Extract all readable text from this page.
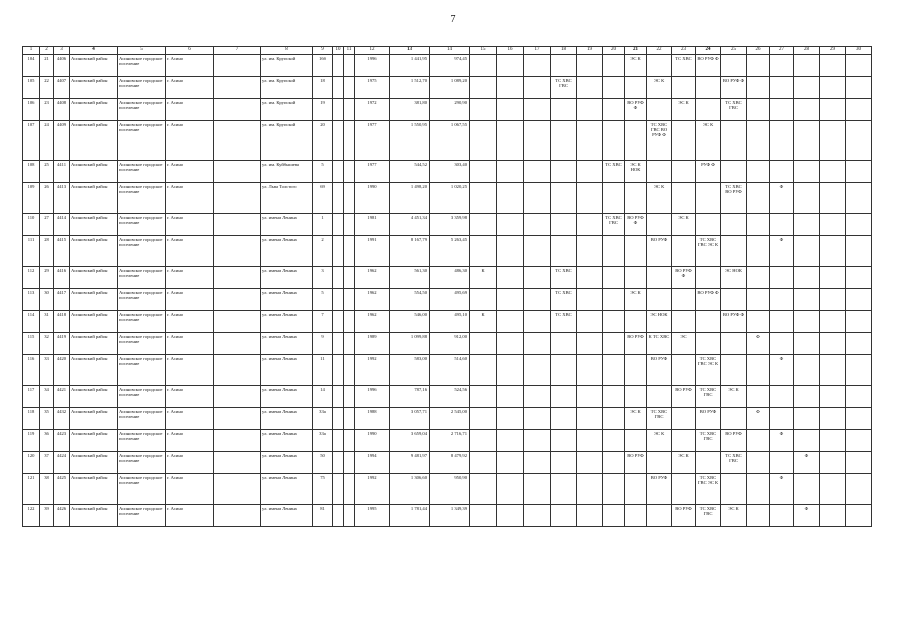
7
1	2	3	4	5	6	7	8	9	10	11	12	13	14	15	16	17	18	19	20	21	22	23	24	25	26	27	28	29	30
104	21	4406	Асиновский район	Асиновское городское поселение	г. Асино		ул. им. Крупской	16б			1996	1 441,95	974,45							ЭС К		ТС ХВС	ВО РУФ Ф						
105	22	4407	Асиновский район	Асиновское городское поселение	г. Асино		ул. им. Крупской	18			1975	1 512,70	1 089,20				ТС ХВС ГВС				ЭС К			ВО РУФ Ф					
106	23	4408	Асиновский район	Асиновское городское поселение	г. Асино		ул. им. Крупской	19			1972	381,80	290,90							ВО РУФ Ф		ЭС К		ТС ХВС ГВС					
107	24	4409	Асиновский район	Асиновское городское поселение	г. Асино		ул. им. Крупской	20			1977	1 550,95	1 067,55								ТС ХВС ГВС ВО РУФ Ф		ЭС К						
108	25	4411	Асиновский район	Асиновское городское поселение	г. Асино		ул. им. Куйбышева	5			1977	544,52	303,40						ТС ХВС	ЭС К НОК			РУФ Ф						
109	26	4413	Асиновский район	Асиновское городское поселение	г. Асино		ул. Льва Толстого	69			1990	1 498,20	1 020,25								ЭС К			ТС ХВС ВО РУФ		Ф			
110	27	4414	Асиновский район	Асиновское городское поселение	г. Асино		ул. имени Ленина	1			1981	4 451,34	3 359,98						ТС ХВС ГВС	ВО РУФ Ф		ЭС К							
111	28	4415	Асиновский район	Асиновское городское поселение	г. Асино		ул. имени Ленина	2			1991	8 167,79	5 263,45								ВО РУФ		ТС ХВС ГВС ЭС К			Ф			
112	29	4416	Асиновский район	Асиновское городское поселение	г. Асино		ул. имени Ленина	3			1962	561,30	486,30	К			ТС ХВС					ВО РУФ Ф		ЭС НОК					
113	30	4417	Асиновский район	Асиновское городское поселение	г. Асино		ул. имени Ленина	5			1962	554,50	495,69				ТС ХВС			ЭС К			ВО РУФ Ф						
114	31	4418	Асиновский район	Асиновское городское поселение	г. Асино		ул. имени Ленина	7			1962	546,00	495,10	К			ТС ХВС				ЭС НОК			ВО РУФ Ф					
115	32	4419	Асиновский район	Асиновское городское поселение	г. Асино		ул. имени Ленина	9			1989	1 099,88	912,00							ВО РУФ	К ТС ХВС	ЭС			Ф				
116	33	4420	Асиновский район	Асиновское городское поселение	г. Асино		ул. имени Ленина	11			1992	583,00	514,60								ВО РУФ		ТС ХВС ГВС ЭС К			Ф			
117	34	4421	Асиновский район	Асиновское городское поселение	г. Асино		ул. имени Ленина	14			1996	787,16	524,56									ВО РУФ	ТС ХВС ГВС	ЭС К					
118	35	4432	Асиновский район	Асиновское городское поселение	г. Асино		ул. имени Ленина	33а			1988	3 057,71	2 545,00							ЭС К	ТС ХВС ГВС		ВО РУФ		Ф				
119	36	4423	Асиновский район	Асиновское городское поселение	г. Асино		ул. имени Ленина	33а			1990	3 659,04	2 716,71								ЭС К		ТС ХВС ГВС	ВО РУФ		Ф			
120	37	4424	Асиновский район	Асиновское городское поселение	г. Асино		ул. имени Ленина	50			1994	9 481,97	8 479,92							ВО РУФ		ЭС К		ТС ХВС ГВС			Ф		
121	38	4425	Асиновский район	Асиновское городское поселение	г. Асино		ул. имени Ленина	75			1992	1 306,60	950,90								ВО РУФ		ТС ХВС ГВС ЭС К			Ф			
122	39	4426	Асиновский район	Асиновское городское поселение	г. Асино		ул. имени Ленина	81			1995	1 781,44	1 349,39									ВО РУФ	ТС ХВС ГВС	ЭС К			Ф		
